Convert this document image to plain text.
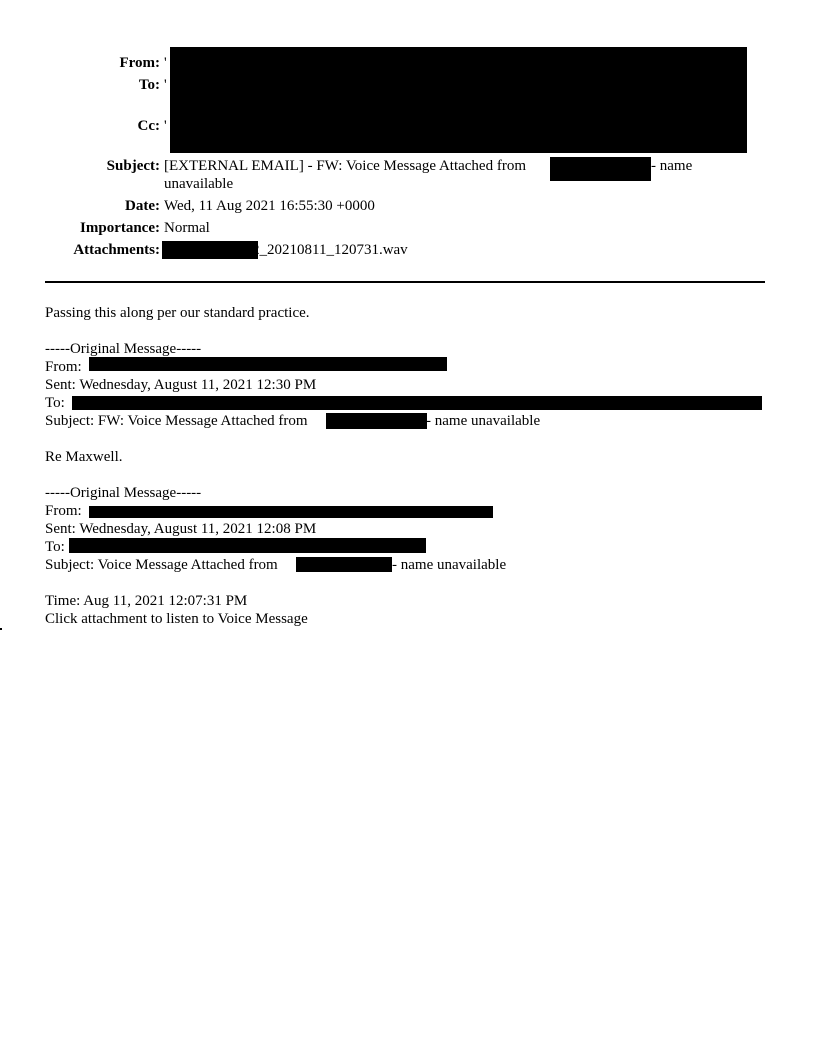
From: '
To: '
Cc: '
Subject: [EXTERNAL EMAIL] - FW: Voice Message Attached from	- name
unavailable
Date: Wed, 11 Aug 2021 16:55:30 +0000
Importance: Normal
Attachments:	2_20210811_120731.wav
Passing this along per our standard practice.
-----Original Message-----
From:
Sent: Wednesday, August 11, 2021 12:30 PM
To:
Subject: FW: Voice Message Attached from	- name unavailable
Re Maxwell.
-----Original Message-----
From:
Sent: Wednesday, August 11, 2021 12:08 PM
To:
Subject: Voice Message Attached from	- name unavailable
Time: Aug 11, 2021 12:07:31 PM
Click attachment to listen to Voice Message
